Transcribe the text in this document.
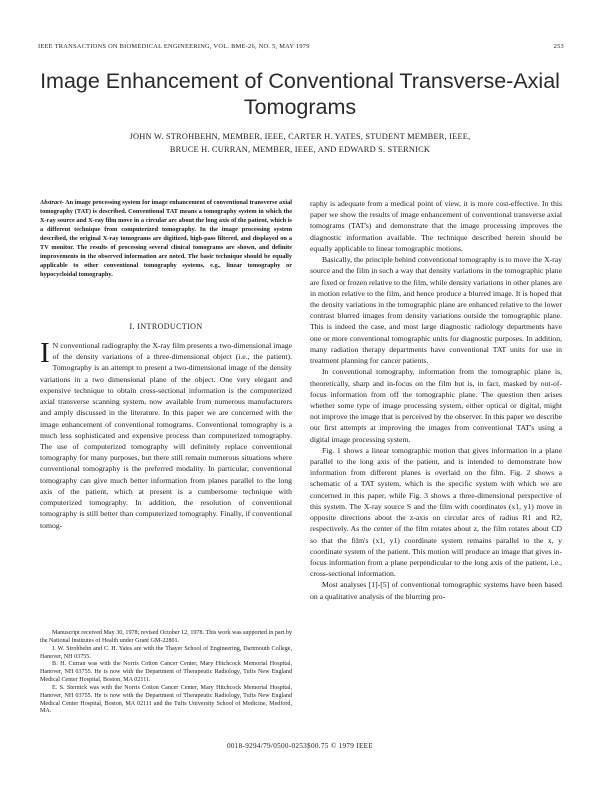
IEEE TRANSACTIONS ON BIOMEDICAL ENGINEERING, VOL. BME-26, NO. 5, MAY 1979	253
Image Enhancement of Conventional Transverse-Axial Tomograms
JOHN W. STROHBEHN, MEMBER, IEEE, CARTER H. YATES, STUDENT MEMBER, IEEE,
BRUCE H. CURRAN, MEMBER, IEEE, AND EDWARD S. STERNICK
Abstract- An image processing system for image enhancement of conventional transverse axial tomography (TAT) is described. Conventional TAT means a tomography system in which the X-ray source and X-ray film move in a circular arc about the long axis of the patient, which is a different technique from computerized tomography. In the image processing system described, the original X-ray tomograms are digitized, high-pass filtered, and displayed on a TV monitor. The results of processing several clinical tomograms are shown, and definite improvements in the observed information are noted. The basic technique should be equally applicable to other conventional tomography systems, e.g., linear tomography or hypocycloidal tomography.
I. INTRODUCTION

I N conventional radiography the X-ray film presents a two-dimensional image of the density variations of a three-dimensional object (i.e., the patient). Tomography is an attempt to present a two-dimensional image of the density variations in a two dimensional plane of the object. One very elegant and expensive technique to obtain cross-sectional information is the computerized axial transverse scanning system, now available from numerous manufacturers and amply discussed in the literature. In this paper we are concerned with the image enhancement of conventional tomograms. Conventional tomography is a much less sophisticated and expensive process than computerized tomography. The use of computerized tomography will definitely replace conventional tomography for many purposes, but there still remain numerous situations where conventional tomography is the preferred modality. In particular, conventional tomography can give much better information from planes parallel to the long axis of the patient, which at present is a cumbersome technique with computerized tomography. In addition, the resolution of conventional tomography is still better than computerized tomography. Finally, if conventional tomog-

Manuscript received May 30, 1978; revised October 12, 1978. This work was supported in part by the National Institutes of Health under Grant GM-22801.

J. W. Strohbehn and C. H. Yates are with the Thayer School of Engineering, Dartmouth College, Hanover, NH 03755.

B. H. Curran was with the Norris Cotton Cancer Center, Mary Hitchcock Memorial Hospital, Hanover, NH 03755. He is now with the Department of Therapeutic Radiology, Tufts New England Medical Center Hospital, Boston, MA 02111.

E. S. Sternick was with the Norris Cotton Cancer Center, Mary Hitchcock Memorial Hospital, Hanover, NH 03755. He is now with the Department of Therapeutic Radiology, Tufts New England Medical Center Hospital, Boston, MA 02111 and the Tufts University School of Medicine, Medford, MA.

raphy is adequate from a medical point of view, it is more cost-effective. In this paper we show the results of image enhancement of conventional transverse axial tomograms (TAT's) and demonstrate that the image processing improves the diagnostic information available. The technique described herein should be equally applicable to linear tomographic motions.

Basically, the principle behind conventional tomography is to move the X-ray source and the film in such a way that density variations in the tomographic plane are fixed or frozen relative to the film, while density variations in other planes are in motion relative to the film, and hence produce a blurred image. It is hoped that the density variations in the tomographic plane are enhanced relative to the lower contrast blurred images from density variations outside the tomographic plane. This is indeed the case, and most large diagnostic radiology departments have one or more conventional tomographic units for diagnostic purposes. In addition, many radiation therapy departments have conventional TAT units for use in treatment planning for cancer patients.

In conventional tomography, information from the tomographic plane is, theoretically, sharp and in-focus on the film but is, in fact, masked by out-of-focus information from off the tomographic plane. The question then arises whether some type of image processing system, either optical or digital, might not improve the image that is perceived by the observer. In this paper we describe our first attempts at improving the images from conventional TAT's using a digital image processing system.

Fig. 1 shows a linear tomographic motion that gives information in a plane parallel to the long axis of the patient, and is intended to demonstrate how information from different planes is overlaid on the film. Fig. 2 shows a schematic of a TAT system, which is the specific system with which we are concerned in this paper, while Fig. 3 shows a three-dimensional perspective of this system. The X-ray source S and the film with coordinates (x1, y1) move in opposite directions about the z-axis on circular arcs of radius R1 and R2, respectively. As the center of the film rotates about z, the film rotates about CD so that the film's (x1, y1) coordinate system remains parallel to the x, y coordinate system of the patient. This motion will produce an image that gives in-focus information from a plane perpendicular to the long axis of the patient, i.e., cross-sectional information.

Most analyses [1]-[5] of conventional tomographic systems have been based on a qualitative analysis of the blurring pro-

0018-9294/79/0500-0253$00.75 © 1979 IEEE
